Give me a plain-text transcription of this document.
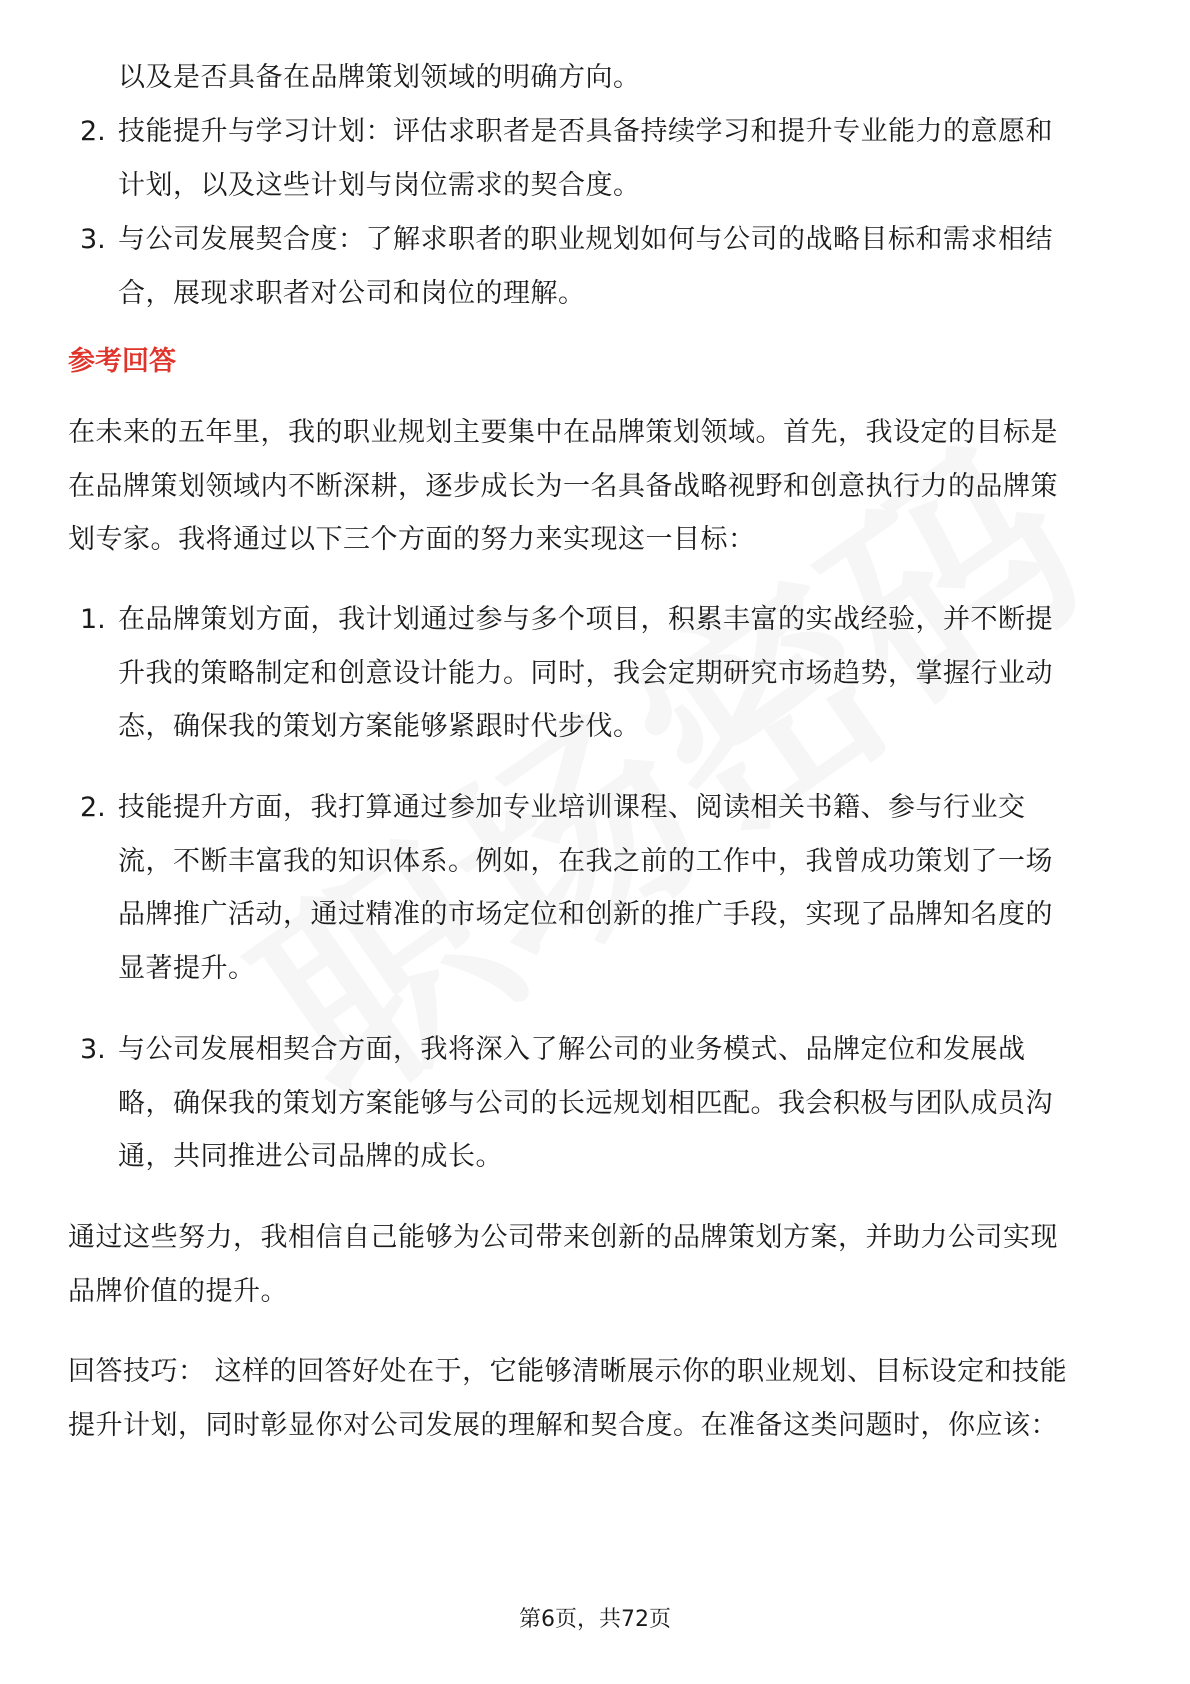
以及是否具备在品牌策划领域的明确方向。
2. 技能提升与学习计划：评估求职者是否具备持续学习和提升专业能力的意愿和
计划，以及这些计划与岗位需求的契合度。
3. 与公司发展契合度：了解求职者的职业规划如何与公司的战略目标和需求相结
合，展现求职者对公司和岗位的理解。
参考回答
在未来的五年里，我的职业规划主要集中在品牌策划领域。首先，我设定的目标是
在品牌策划领域内不断深耕，逐步成长为一名具备战略视野和创意执行力的品牌策
划专家。我将通过以下三个方面的努力来实现这一目标：
1. 在品牌策划方面，我计划通过参与多个项目，积累丰富的实战经验，并不断提
升我的策略制定和创意设计能力。同时，我会定期研究市场趋势，掌握行业动
态，确保我的策划方案能够紧跟时代步伐。
2. 技能提升方面，我打算通过参加专业培训课程、阅读相关书籍、参与行业交
流，不断丰富我的知识体系。例如，在我之前的工作中，我曾成功策划了一场
品牌推广活动，通过精准的市场定位和创新的推广手段，实现了品牌知名度的
显著提升。
3. 与公司发展相契合方面，我将深入了解公司的业务模式、品牌定位和发展战
略，确保我的策划方案能够与公司的长远规划相匹配。我会积极与团队成员沟
通，共同推进公司品牌的成长。
通过这些努力，我相信自己能够为公司带来创新的品牌策划方案，并助力公司实现
品牌价值的提升。
回答技巧： 这样的回答好处在于，它能够清晰展示你的职业规划、目标设定和技能
提升计划，同时彰显你对公司发展的理解和契合度。在准备这类问题时，你应该：
第6页，共72页
